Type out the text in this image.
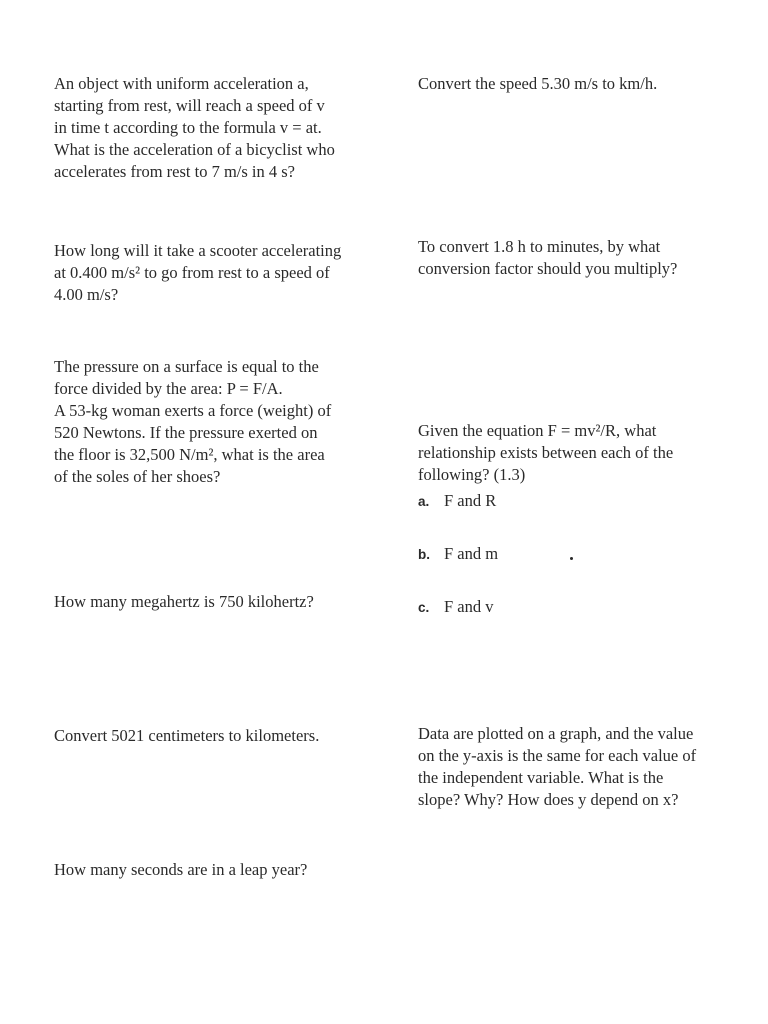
An object with uniform acceleration a,
starting from rest, will reach a speed of v
in time t according to the formula v = at.
What is the acceleration of a bicyclist who
accelerates from rest to 7 m/s in 4 s?
How long will it take a scooter accelerating
at 0.400 m/s² to go from rest to a speed of
4.00 m/s?
The pressure on a surface is equal to the
force divided by the area: P = F/A.
A 53-kg woman exerts a force (weight) of
520 Newtons. If the pressure exerted on
the floor is 32,500 N/m², what is the area
of the soles of her shoes?
How many megahertz is 750 kilohertz?
Convert 5021 centimeters to kilometers.
How many seconds are in a leap year?
Convert the speed 5.30 m/s to km/h.
To convert 1.8 h to minutes, by what
conversion factor should you multiply?
Given the equation F = mv²/R, what
relationship exists between each of the
following? (1.3)
a. F and R
b. F and m
c. F and v
Data are plotted on a graph, and the value
on the y-axis is the same for each value of
the independent variable. What is the
slope? Why? How does y depend on x?
